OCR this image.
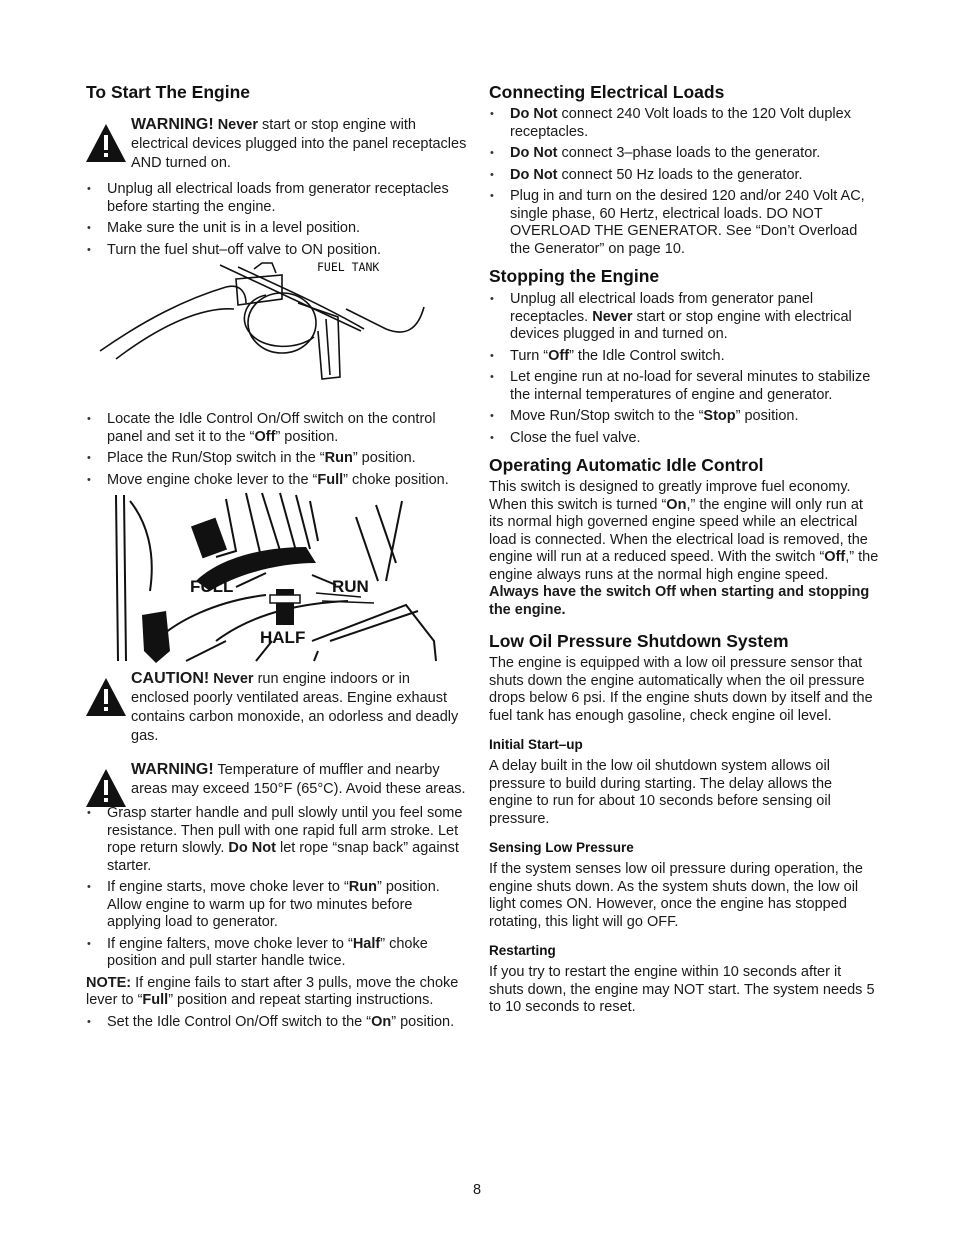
To Start The Engine

WARNING! Never start or stop engine with electrical devices plugged into the panel receptacles AND turned on.

• Unplug all electrical loads from generator receptacles before starting the engine.
• Make sure the unit is in a level position.
• Turn the fuel shut–off valve to ON position.
FUEL TANK
• Locate the Idle Control On/Off switch on the control panel and set it to the “Off” position.
• Place the Run/Stop switch in the “Run” position.
• Move engine choke lever to the “Full” choke position.
FULL	RUN
HALF

CAUTION! Never run engine indoors or in enclosed poorly ventilated areas. Engine exhaust contains carbon monoxide, an odorless and deadly gas.

WARNING! Temperature of muffler and nearby areas may exceed 150°F (65°C). Avoid these areas.

• Grasp starter handle and pull slowly until you feel some resistance. Then pull with one rapid full arm stroke. Let rope return slowly. Do Not let rope “snap back” against starter.
• If engine starts, move choke lever to “Run” position. Allow engine to warm up for two minutes before applying load to generator.
• If engine falters, move choke lever to “Half” choke position and pull starter handle twice.

NOTE: If engine fails to start after 3 pulls, move the choke lever to “Full” position and repeat starting instructions.

• Set the Idle Control On/Off switch to the “On” position.
Connecting Electrical Loads
• Do Not connect 240 Volt loads to the 120 Volt duplex receptacles.
• Do Not connect 3–phase loads to the generator.
• Do Not connect 50 Hz loads to the generator.
• Plug in and turn on the desired 120 and/or 240 Volt AC, single phase, 60 Hertz, electrical loads. DO NOT OVERLOAD THE GENERATOR. See “Don’t Overload the Generator” on page 10.
Stopping the Engine
• Unplug all electrical loads from generator panel receptacles. Never start or stop engine with electrical devices plugged in and turned on.
• Turn “Off” the Idle Control switch.
• Let engine run at no-load for several minutes to stabilize the internal temperatures of engine and generator.
• Move Run/Stop switch to the “Stop” position.
• Close the fuel valve.
Operating Automatic Idle Control

This switch is designed to greatly improve fuel economy. When this switch is turned “On,” the engine will only run at its normal high governed engine speed while an electrical load is connected. When the electrical load is removed, the engine will run at a reduced speed. With the switch “Off,” the engine always runs at the normal high engine speed. Always have the switch Off when starting and stopping the engine.

Low Oil Pressure Shutdown System

The engine is equipped with a low oil pressure sensor that shuts down the engine automatically when the oil pressure drops below 6 psi. If the engine shuts down by itself and the fuel tank has enough gasoline, check engine oil level.

Initial Start–up

A delay built in the low oil shutdown system allows oil pressure to build during starting. The delay allows the engine to run for about 10 seconds before sensing oil pressure.

Sensing Low Pressure

If the system senses low oil pressure during operation, the engine shuts down. As the system shuts down, the low oil light comes ON. However, once the engine has stopped rotating, this light will go OFF.

Restarting

If you try to restart the engine within 10 seconds after it shuts down, the engine may NOT start. The system needs 5 to 10 seconds to reset.

8
